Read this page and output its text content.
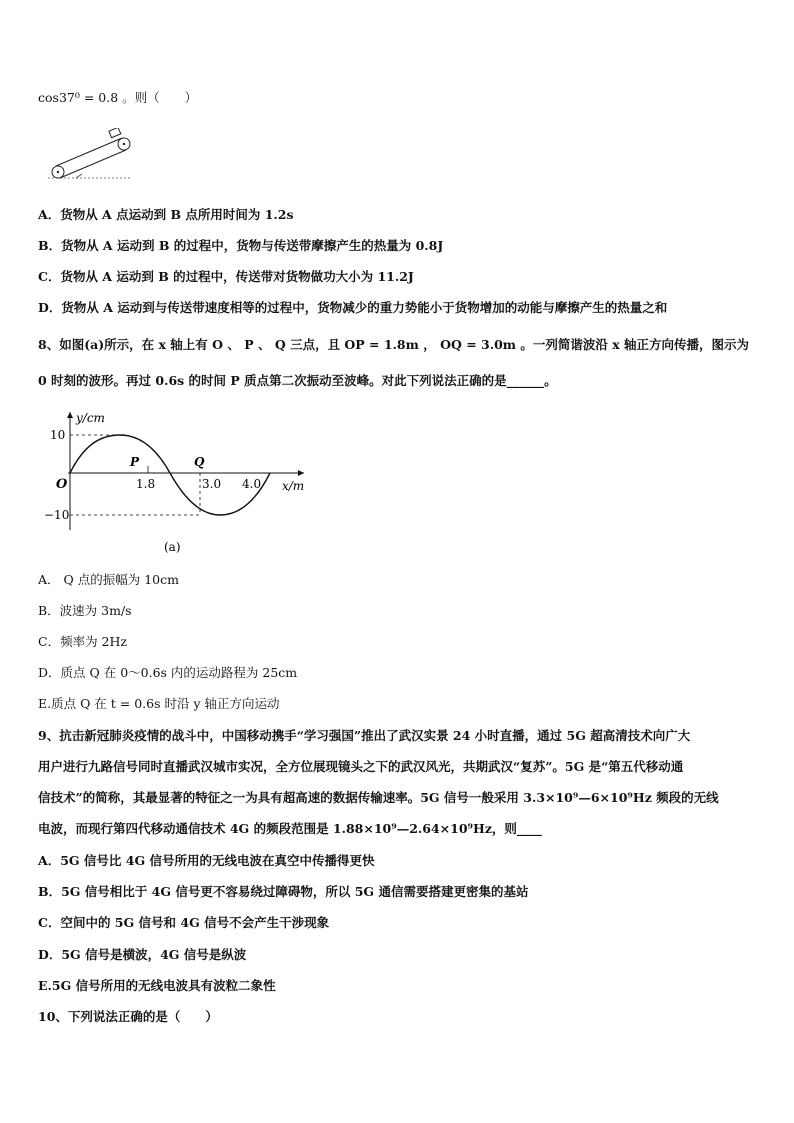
cos37⁰ = 0.8 。则（　　）
A．货物从 A 点运动到 B 点所用时间为 1.2s
B．货物从 A 运动到 B 的过程中，货物与传送带摩擦产生的热量为 0.8J
C．货物从 A 运动到 B 的过程中，传送带对货物做功大小为 11.2J
D．货物从 A 运动到与传送带速度相等的过程中，货物减少的重力势能小于货物增加的动能与摩擦产生的热量之和
8、如图(a)所示，在 x 轴上有 O 、 P 、 Q 三点，且 OP = 1.8m ， OQ = 3.0m 。一列简谐波沿 x 轴正方向传播，图示为
0 时刻的波形。再过 0.6s 的时间 P 质点第二次振动至波峰。对此下列说法正确的是______。
y/cm
10
−10
O
P	Q
1.8	3.0 4.0 x/m
(a)
A． Q 点的振幅为 10cm
B．波速为 3m/s
C．频率为 2Hz
D．质点 Q 在 0～0.6s 内的运动路程为 25cm
E.质点 Q 在 t = 0.6s 时沿 y 轴正方向运动
9、抗击新冠肺炎疫情的战斗中，中国移动携手“学习强国”推出了武汉实景 24 小时直播，通过 5G 超高清技术向广大
用户进行九路信号同时直播武汉城市实况，全方位展现镜头之下的武汉风光，共期武汉“复苏”。5G 是“第五代移动通
信技术”的简称，其最显著的特征之一为具有超高速的数据传输速率。5G 信号一般采用 3.3×10⁹—6×10⁹Hz 频段的无线
电波，而现行第四代移动通信技术 4G 的频段范围是 1.88×10⁹—2.64×10⁹Hz，则____
A．5G 信号比 4G 信号所用的无线电波在真空中传播得更快
B．5G 信号相比于 4G 信号更不容易绕过障碍物，所以 5G 通信需要搭建更密集的基站
C．空间中的 5G 信号和 4G 信号不会产生干涉现象
D．5G 信号是横波，4G 信号是纵波
E.5G 信号所用的无线电波具有波粒二象性
10、下列说法正确的是（　　）
